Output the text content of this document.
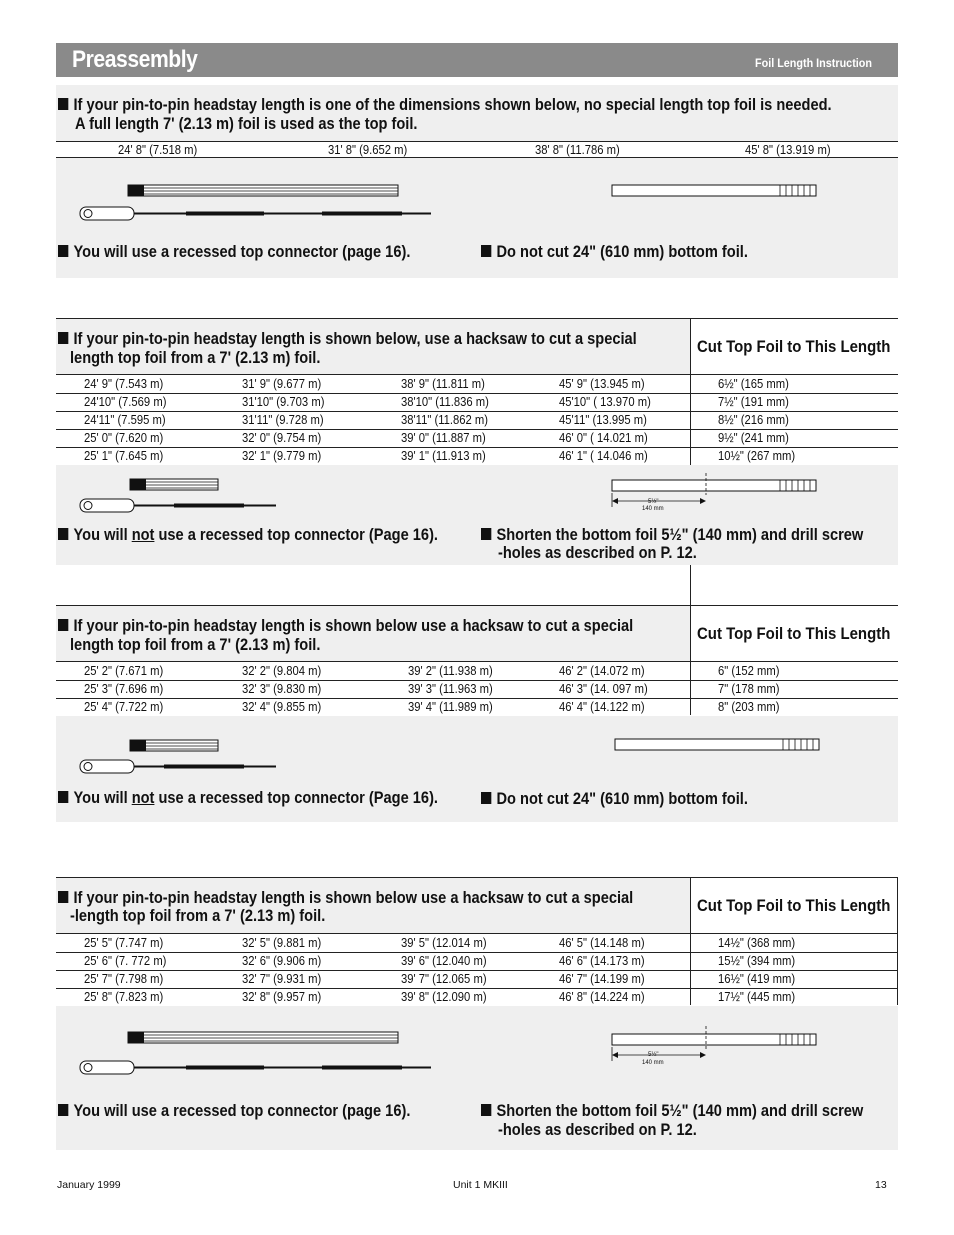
Preassembly	Foil Length Instruction
If your pin-to-pin headstay length is one of the dimensions shown below, no special length top foil is needed.
A full length 7' (2.13 m) foil is used as the top foil.
24' 8" (7.518 m)	31' 8" (9.652 m)	38' 8" (11.786 m)	45' 8" (13.919 m)
You will use a recessed top connector (page 16).	Do not cut 24" (610 mm) bottom foil.
If your pin-to-pin headstay length is shown below, use a hacksaw to cut a special
length top foil from a 7' (2.13 m) foil.
Cut Top Foil to This Length
24' 9" (7.543 m)	31' 9" (9.677 m)	38' 9" (11.811 m)	45' 9" (13.945 m)	6½" (165 mm)
24'10" (7.569 m)	31'10" (9.703 m)	38'10" (11.836 m)	45'10" ( 13.970 m)	7½" (191 mm)
24'11" (7.595 m)	31'11" (9.728 m)	38'11" (11.862 m)	45'11" (13.995 m)	8½" (216 mm)
25' 0" (7.620 m)	32' 0" (9.754 m)	39' 0" (11.887 m)	46' 0" ( 14.021 m)	9½" (241 mm)
25' 1" (7.645 m)	32' 1" (9.779 m)	39' 1" (11.913 m)	46' 1" ( 14.046 m)	10½" (267 mm)
5½"
140 mm
You will not use a recessed top connector (Page 16).	Shorten the bottom foil 5½" (140 mm) and drill screw
-holes as described on P. 12.
If your pin-to-pin headstay length is shown below use a hacksaw to cut a special
length top foil from a 7' (2.13 m) foil.
Cut Top Foil to This Length
25' 2" (7.671 m)	32' 2" (9.804 m)	39' 2" (11.938 m)	46' 2" (14.072 m)	6" (152 mm)
25' 3" (7.696 m)	32' 3" (9.830 m)	39' 3" (11.963 m)	46' 3" (14. 097 m)	7" (178 mm)
25' 4" (7.722 m)	32' 4" (9.855 m)	39' 4" (11.989 m)	46' 4" (14.122 m)	8" (203 mm)
You will not use a recessed top connector (Page 16).	Do not cut 24" (610 mm) bottom foil.
If your pin-to-pin headstay length is shown below use a hacksaw to cut a special
-length top foil from a 7' (2.13 m) foil.
Cut Top Foil to This Length
25' 5" (7.747 m)	32' 5" (9.881 m)	39' 5" (12.014 m)	46' 5" (14.148 m)	14½" (368 mm)
25' 6" (7. 772 m)	32' 6" (9.906 m)	39' 6" (12.040 m)	46' 6" (14.173 m)	15½" (394 mm)
25' 7" (7.798 m)	32' 7" (9.931 m)	39' 7" (12.065 m)	46' 7" (14.199 m)	16½" (419 mm)
25' 8" (7.823 m)	32' 8" (9.957 m)	39' 8" (12.090 m)	46' 8" (14.224 m)	17½" (445 mm)
5½"
140 mm
You will use a recessed top connector (page 16).	Shorten the bottom foil 5½" (140 mm) and drill screw
-holes as described on P. 12.
January 1999	Unit 1 MKIII	13
